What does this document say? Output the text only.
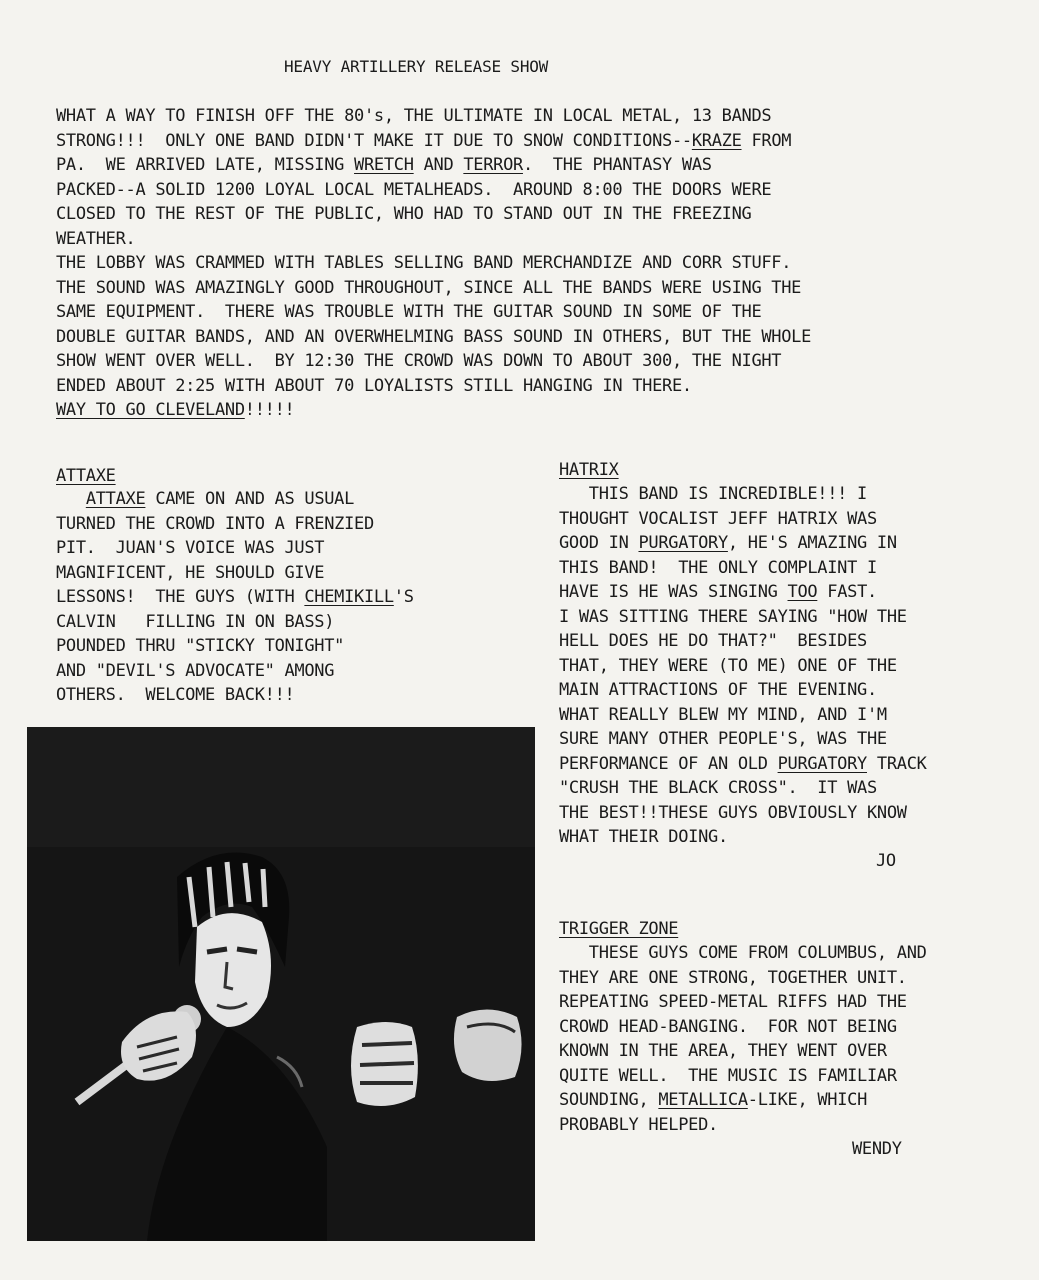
HEAVY ARTILLERY RELEASE SHOW
WHAT A WAY TO FINISH OFF THE 80's, THE ULTIMATE IN LOCAL METAL, 13 BANDS
STRONG!!!  ONLY ONE BAND DIDN'T MAKE IT DUE TO SNOW CONDITIONS--KRAZE FROM
PA.  WE ARRIVED LATE, MISSING WRETCH AND TERROR.  THE PHANTASY WAS
PACKED--A SOLID 1200 LOYAL LOCAL METALHEADS.  AROUND 8:00 THE DOORS WERE
CLOSED TO THE REST OF THE PUBLIC, WHO HAD TO STAND OUT IN THE FREEZING
WEATHER.
THE LOBBY WAS CRAMMED WITH TABLES SELLING BAND MERCHANDIZE AND CORR STUFF.
THE SOUND WAS AMAZINGLY GOOD THROUGHOUT, SINCE ALL THE BANDS WERE USING THE
SAME EQUIPMENT.  THERE WAS TROUBLE WITH THE GUITAR SOUND IN SOME OF THE
DOUBLE GUITAR BANDS, AND AN OVERWHELMING BASS SOUND IN OTHERS, BUT THE WHOLE
SHOW WENT OVER WELL.  BY 12:30 THE CROWD WAS DOWN TO ABOUT 300, THE NIGHT
ENDED ABOUT 2:25 WITH ABOUT 70 LOYALISTS STILL HANGING IN THERE.
WAY TO GO CLEVELAND!!!!!
ATTAXE
ATTAXE CAME ON AND AS USUAL
TURNED THE CROWD INTO A FRENZIED
PIT.  JUAN'S VOICE WAS JUST
MAGNIFICENT, HE SHOULD GIVE
LESSONS!  THE GUYS (WITH CHEMIKILL'S
CALVIN   FILLING IN ON BASS)
POUNDED THRU "STICKY TONIGHT"
AND "DEVIL'S ADVOCATE" AMONG
OTHERS.  WELCOME BACK!!!
HATRIX
JO
THIS BAND IS INCREDIBLE!!! I
THOUGHT VOCALIST JEFF HATRIX WAS
GOOD IN PURGATORY, HE'S AMAZING IN
THIS BAND!  THE ONLY COMPLAINT I
HAVE IS HE WAS SINGING TOO FAST.
I WAS SITTING THERE SAYING "HOW THE
HELL DOES HE DO THAT?"  BESIDES
THAT, THEY WERE (TO ME) ONE OF THE
MAIN ATTRACTIONS OF THE EVENING.
WHAT REALLY BLEW MY MIND, AND I'M
SURE MANY OTHER PEOPLE'S, WAS THE
PERFORMANCE OF AN OLD PURGATORY TRACK
"CRUSH THE BLACK CROSS".  IT WAS
THE BEST!!THESE GUYS OBVIOUSLY KNOW
WHAT THEIR DOING.
TRIGGER ZONE
WENDY
THESE GUYS COME FROM COLUMBUS, AND
THEY ARE ONE STRONG, TOGETHER UNIT.
REPEATING SPEED-METAL RIFFS HAD THE
CROWD HEAD-BANGING.  FOR NOT BEING
KNOWN IN THE AREA, THEY WENT OVER
QUITE WELL.  THE MUSIC IS FAMILIAR
SOUNDING, METALLICA-LIKE, WHICH
PROBABLY HELPED.
